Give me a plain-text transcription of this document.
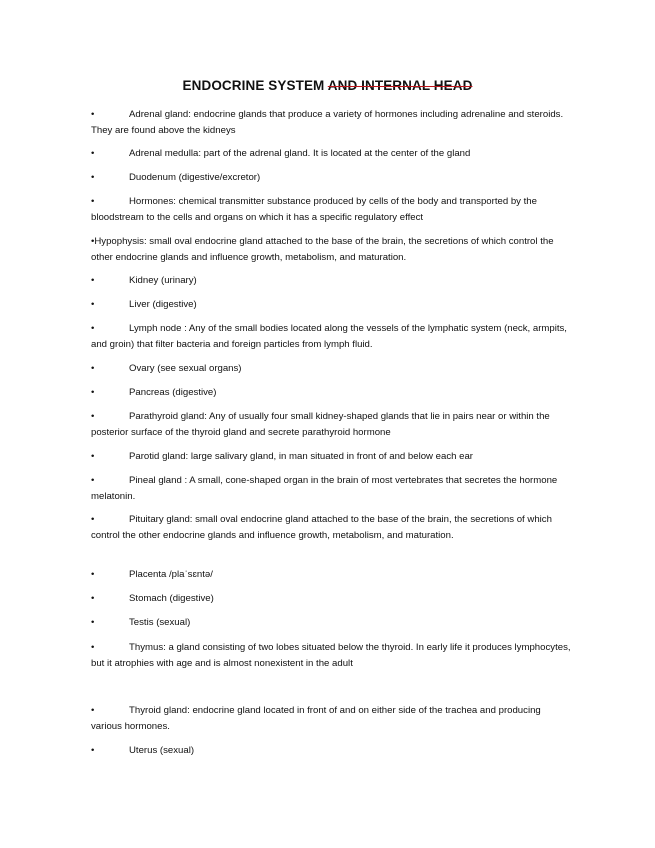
ENDOCRINE SYSTEM AND INTERNAL HEAD
•	Adrenal gland: endocrine glands that produce a variety of hormones including adrenaline and steroids. They are found above the kidneys
•	Adrenal medulla: part of the adrenal gland. It is located at the center of the gland
•	Duodenum (digestive/excretor)
•	Hormones: chemical transmitter substance produced by cells of the body and transported by the bloodstream to the cells and organs on which it has a specific regulatory effect
•Hypophysis: small oval endocrine gland attached to the base of the brain, the secretions of which control the other endocrine glands and influence growth, metabolism, and maturation.
•	Kidney (urinary)
•	Liver (digestive)
•	Lymph node : Any of the small bodies located along the vessels of the lymphatic system (neck, armpits, and groin) that filter bacteria and foreign particles from lymph fluid.
•	Ovary (see sexual organs)
•	Pancreas (digestive)
•	Parathyroid gland: Any of usually four small kidney-shaped glands that lie in pairs near or within the posterior surface of the thyroid gland and secrete parathyroid hormone
•	Parotid gland: large salivary gland, in man situated in front of and below each ear
•	Pineal gland : A small, cone-shaped organ in the brain of most vertebrates that secretes the hormone melatonin.
•	Pituitary gland: small oval endocrine gland attached to the base of the brain, the secretions of which control the other endocrine glands and influence growth, metabolism, and maturation.
•	Placenta /plaˈsɛntə/
•	Stomach (digestive)
•	Testis (sexual)
•	Thymus: a gland consisting of two lobes situated below the thyroid. In early life it produces lymphocytes, but it atrophies with age and is almost nonexistent in the adult
•	Thyroid gland: endocrine gland located in front of and on either side of the trachea and producing various hormones.
•	Uterus (sexual)
